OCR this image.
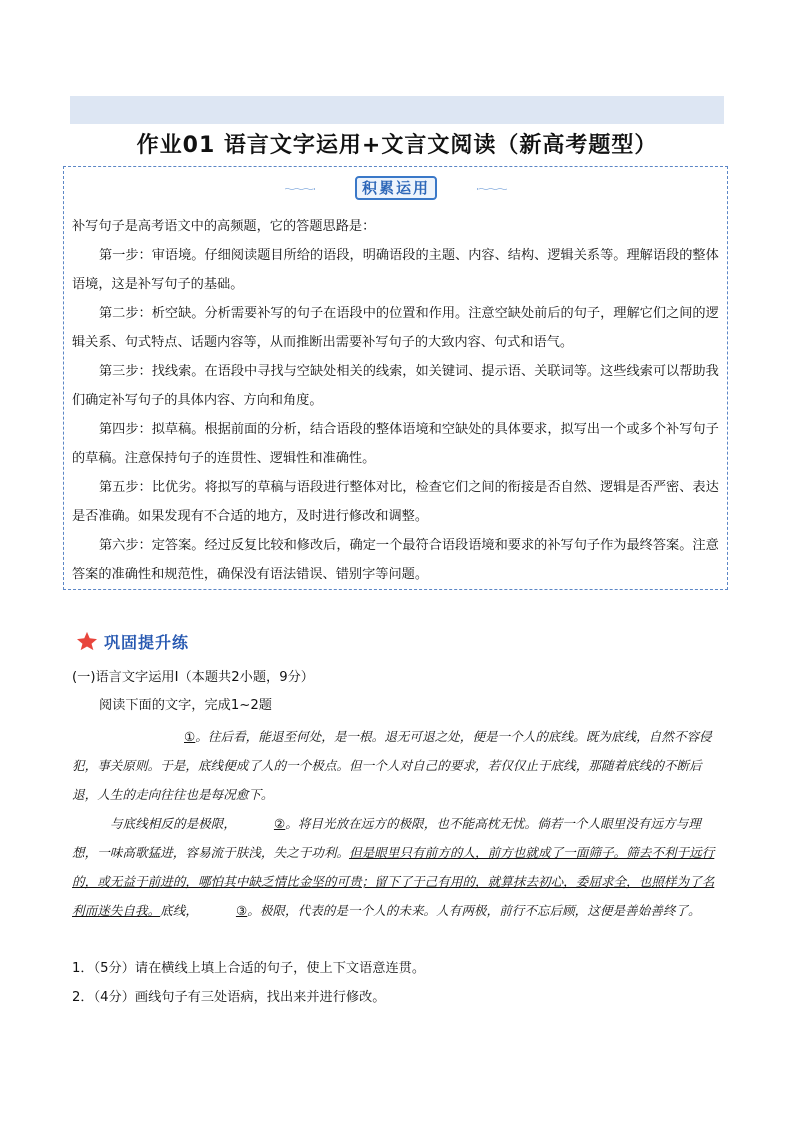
作业01 语言文字运用+文言文阅读（新高考题型）
积累运用

补写句子是高考语文中的高频题，它的答题思路是：

第一步：审语境。仔细阅读题目所给的语段，明确语段的主题、内容、结构、逻辑关系等。理解语段的整体语境，这是补写句子的基础。

第二步：析空缺。分析需要补写的句子在语段中的位置和作用。注意空缺处前后的句子，理解它们之间的逻辑关系、句式特点、话题内容等，从而推断出需要补写句子的大致内容、句式和语气。

第三步：找线索。在语段中寻找与空缺处相关的线索，如关键词、提示语、关联词等。这些线索可以帮助我们确定补写句子的具体内容、方向和角度。

第四步：拟草稿。根据前面的分析，结合语段的整体语境和空缺处的具体要求，拟写出一个或多个补写句子的草稿。注意保持句子的连贯性、逻辑性和准确性。

第五步：比优劣。将拟写的草稿与语段进行整体对比，检查它们之间的衔接是否自然、逻辑是否严密、表达是否准确。如果发现有不合适的地方，及时进行修改和调整。

第六步：定答案。经过反复比较和修改后，确定一个最符合语段语境和要求的补写句子作为最终答案。注意答案的准确性和规范性，确保没有语法错误、错别字等问题。

巩固提升练
(一)语言文字运用Ⅰ（本题共2小题，9分）
阅读下面的文字，完成1~2题

①。往后看，能退至何处，是一根。退无可退之处，便是一个人的底线。既为底线，自然不容侵犯，事关原则。于是，底线便成了人的一个极点。但一个人对自己的要求，若仅仅止于底线，那随着底线的不断后退，人生的走向往往也是每况愈下。

与底线相反的是极限，	②。将目光放在远方的极限，也不能高枕无忧。倘若一个人眼里没有远方与理想，一味高歌猛进，容易流于肤浅，失之于功利。但是眼里只有前方的人，前方也就成了一面筛子。筛去不利于远行的，或无益于前进的，哪怕其中缺乏情比金坚的可贵；留下了于己有用的，就算抹去初心，委屈求全，也照样为了名利而迷失自我。底线，	③。极限，代表的是一个人的未来。人有两极，前行不忘后顾，这便是善始善终了。

1．（5分）请在横线上填上合适的句子，使上下文语意连贯。
2．（4分）画线句子有三处语病，找出来并进行修改。
